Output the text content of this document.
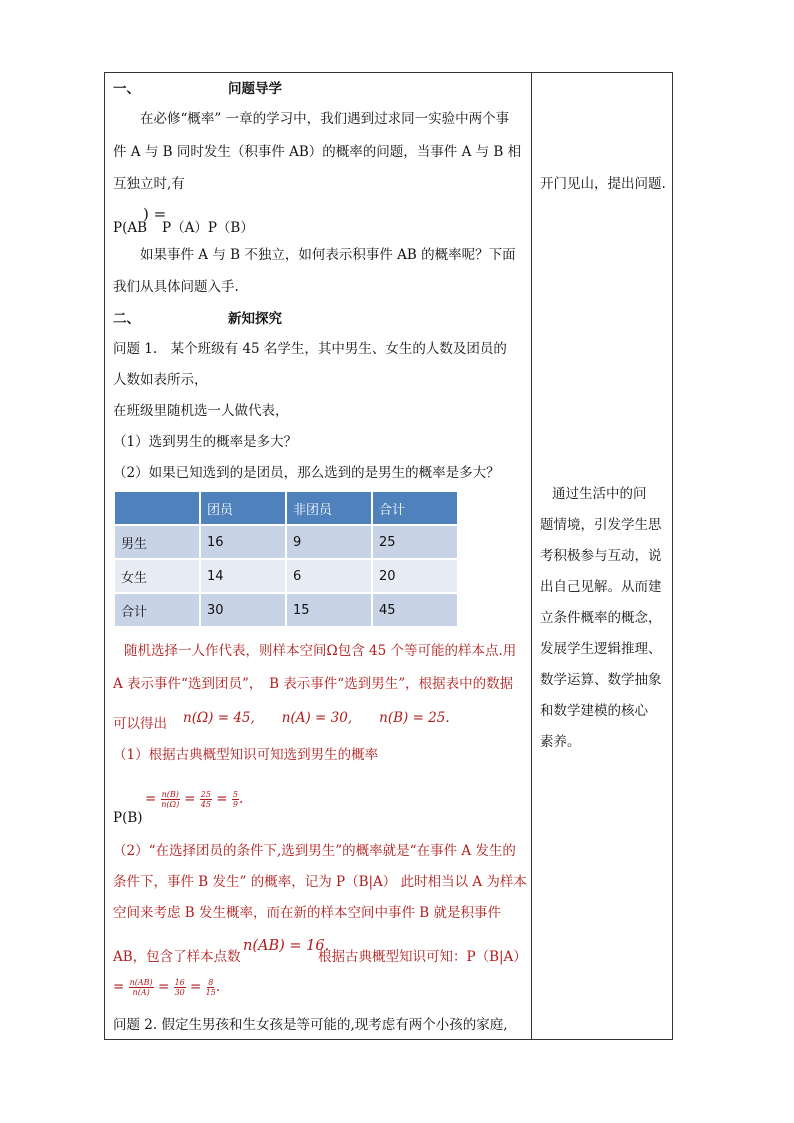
一、	问题导学
在必修“概率” 一章的学习中，我们遇到过求同一实验中两个事
件 A 与 B 同时发生（积事件 AB）的概率的问题，当事件 A 与 B 相
互独立时,有
P(AB
) =
P（A）P（B）
如果事件 A 与 B 不独立，如何表示积事件 AB 的概率呢？下面
我们从具体问题入手.
二、	新知探究
问题 1.　某个班级有 45 名学生，其中男生、女生的人数及团员的
人数如表所示，
在班级里随机选一人做代表，
（1）选到男生的概率是多大？
（2）如果已知选到的是团员，那么选到的是男生的概率是多大？
	团员	非团员	合计
男生	16	9	25
女生	14	6	20
合计	30	15	45
随机选择一人作代表，则样本空间Ω包含 45 个等可能的样本点.用
A 表示事件“选到团员”，　B 表示事件“选到男生”，根据表中的数据
可以得出 n(Ω) = 45,　　n(A) = 30,　　n(B) = 25.
（1）根据古典概型知识可知选到男生的概率
= $\frac{n(B)}{n(\Omega)} = \frac{25}{45} = \frac{5}{9}$ .
P(B)
（2）“在选择团员的条件下,选到男生”的概率就是“在事件 A 发生的
条件下，事件 B 发生” 的概率，记为 P（B|A） 此时相当以 A 为样本
空间来考虑 B 发生概率，而在新的样本空间中事件 B 就是积事件
AB，包含了样本点数
n(AB) = 16.
根据古典概型知识可知：P（B|A）
= $\frac{n(AB)}{n(A)} = \frac{16}{30} = \frac{8}{15}$ .
问题 2. 假定生男孩和生女孩是等可能的,现考虑有两个小孩的家庭,
开门见山，提出问题.
通过生活中的问
题情境，引发学生思
考积极参与互动，说
出自己见解。从而建
立条件概率的概念，
发展学生逻辑推理、
数学运算、数学抽象
和数学建模的核心
素养。
